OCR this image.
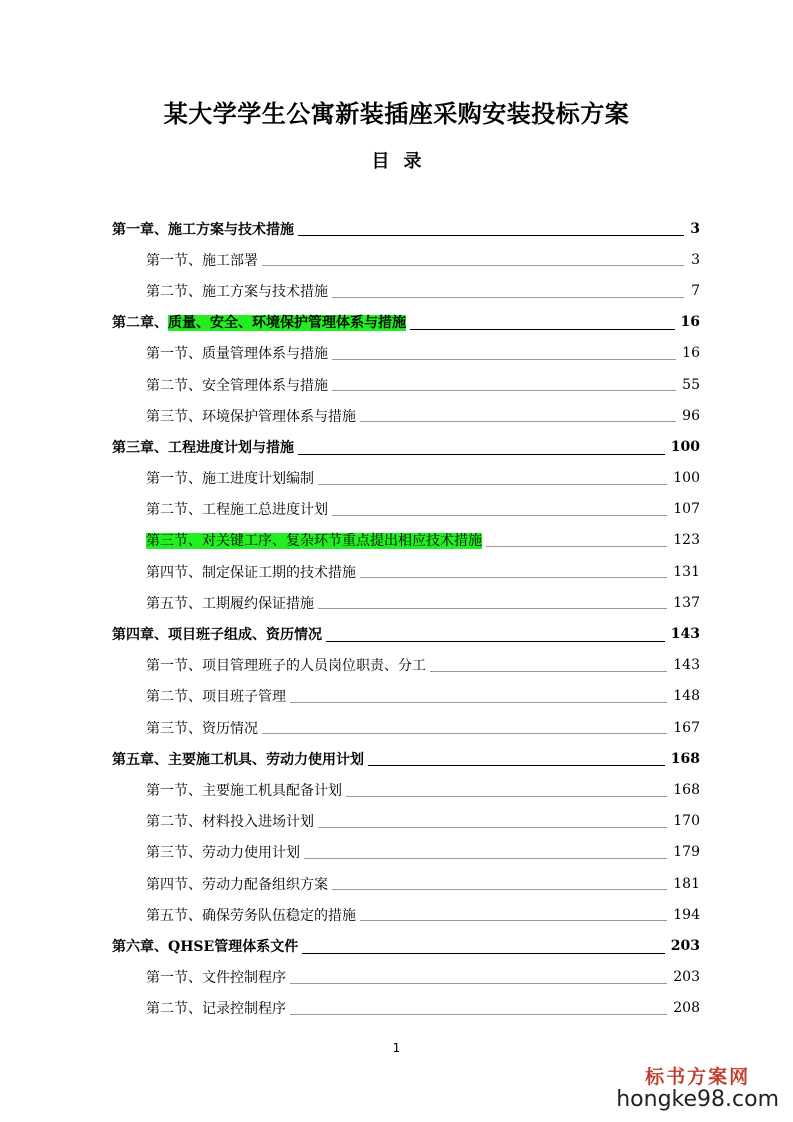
某大学学生公寓新装插座采购安装投标方案
目录
第一章、施工方案与技术措施	3
第一节、施工部署	3
第二节、施工方案与技术措施	7
第二章、质量、安全、环境保护管理体系与措施	16
第一节、质量管理体系与措施	16
第二节、安全管理体系与措施	55
第三节、环境保护管理体系与措施	96
第三章、工程进度计划与措施	100
第一节、施工进度计划编制	100
第二节、工程施工总进度计划	107
第三节、对关键工序、复杂环节重点提出相应技术措施	123
第四节、制定保证工期的技术措施	131
第五节、工期履约保证措施	137
第四章、项目班子组成、资历情况	143
第一节、项目管理班子的人员岗位职责、分工	143
第二节、项目班子管理	148
第三节、资历情况	167
第五章、主要施工机具、劳动力使用计划	168
第一节、主要施工机具配备计划	168
第二节、材料投入进场计划	170
第三节、劳动力使用计划	179
第四节、劳动力配备组织方案	181
第五节、确保劳务队伍稳定的措施	194
第六章、QHSE管理体系文件	203
第一节、文件控制程序	203
第二节、记录控制程序	208
1
标书方案网
hongke98.com
